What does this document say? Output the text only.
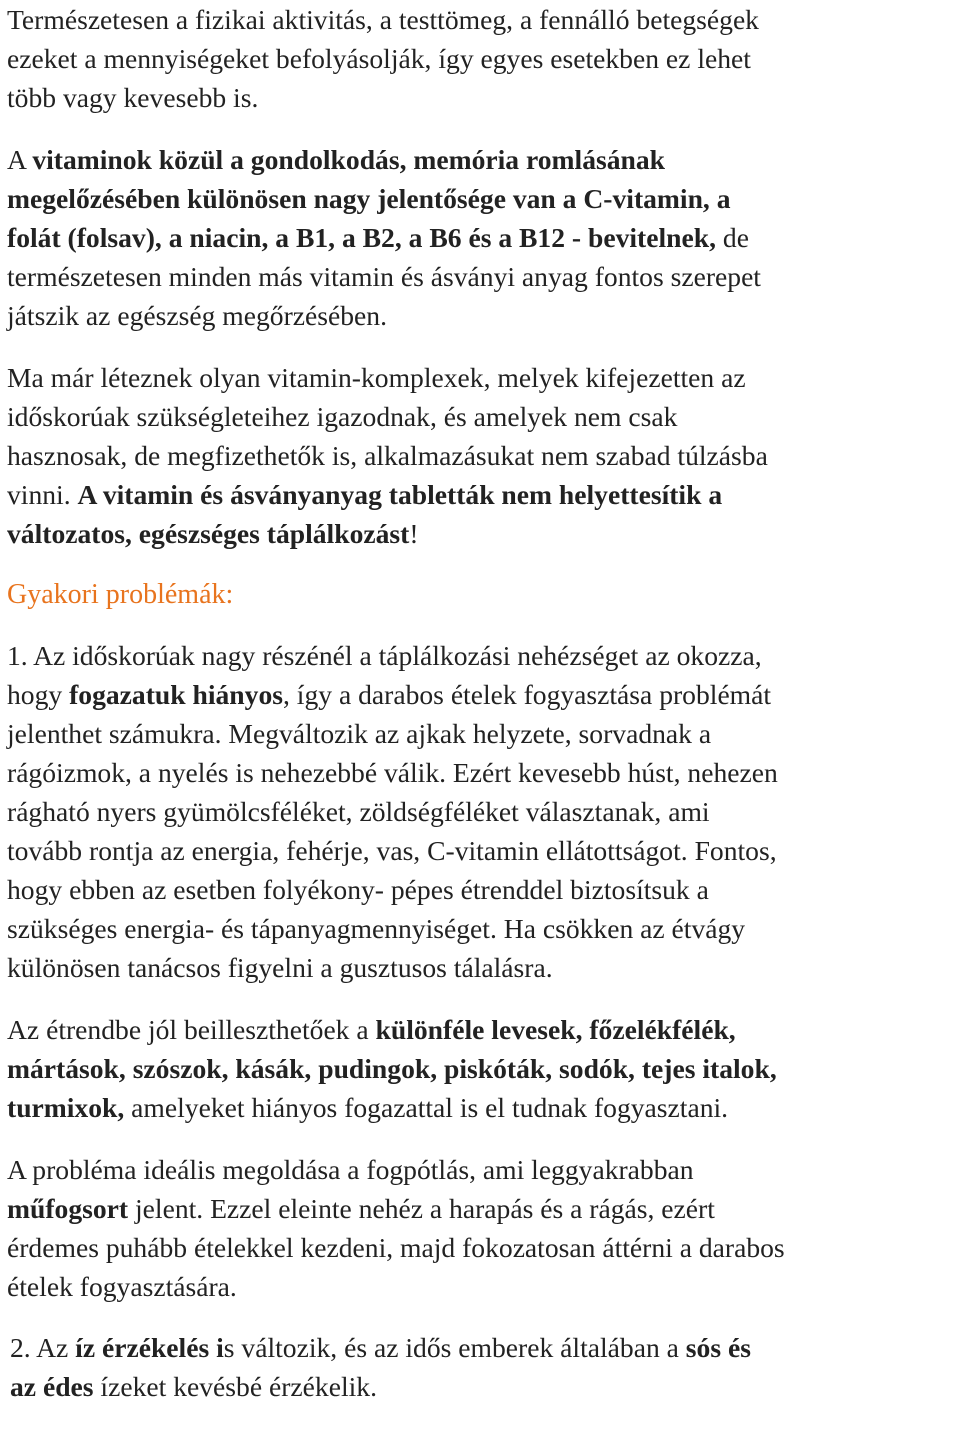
Természetesen a fizikai aktivitás, a testtömeg, a fennálló betegségek
ezeket a mennyiségeket befolyásolják, így egyes esetekben ez lehet
több vagy kevesebb is.

A vitaminok közül a gondolkodás, memória romlásának
megelőzésében különösen nagy jelentősége van a C-vitamin, a
folát (folsav), a niacin, a B1, a B2, a B6 és a B12 - bevitelnek, de
természetesen minden más vitamin és ásványi anyag fontos szerepet
játszik az egészség megőrzésében.

Ma már léteznek olyan vitamin-komplexek, melyek kifejezetten az
időskorúak szükségleteihez igazodnak, és amelyek nem csak
hasznosak, de megfizethetők is, alkalmazásukat nem szabad túlzásba
vinni. A vitamin és ásványanyag tabletták nem helyettesítik a
változatos, egészséges táplálkozást!

Gyakori problémák:

1. Az időskorúak nagy részénél a táplálkozási nehézséget az okozza,
hogy fogazatuk hiányos, így a darabos ételek fogyasztása problémát
jelenthet számukra. Megváltozik az ajkak helyzete, sorvadnak a
rágóizmok, a nyelés is nehezebbé válik. Ezért kevesebb húst, nehezen
rágható nyers gyümölcsféléket, zöldségféléket választanak, ami
tovább rontja az energia, fehérje, vas, C-vitamin ellátottságot. Fontos,
hogy ebben az esetben folyékony- pépes étrenddel biztosítsuk a
szükséges energia- és tápanyagmennyiséget. Ha csökken az étvágy
különösen tanácsos figyelni a gusztusos tálalásra.

Az étrendbe jól beilleszthetőek a különféle levesek, főzelékfélék,
mártások, szószok, kásák, pudingok, piskóták, sodók, tejes italok,
turmixok, amelyeket hiányos fogazattal is el tudnak fogyasztani.

A probléma ideális megoldása a fogpótlás, ami leggyakrabban
műfogsort jelent. Ezzel eleinte nehéz a harapás és a rágás, ezért
érdemes puhább ételekkel kezdeni, majd fokozatosan áttérni a darabos
ételek fogyasztására.

2. Az íz érzékelés is változik, és az idős emberek általában a sós és
az édes ízeket kevésbé érzékelik.
